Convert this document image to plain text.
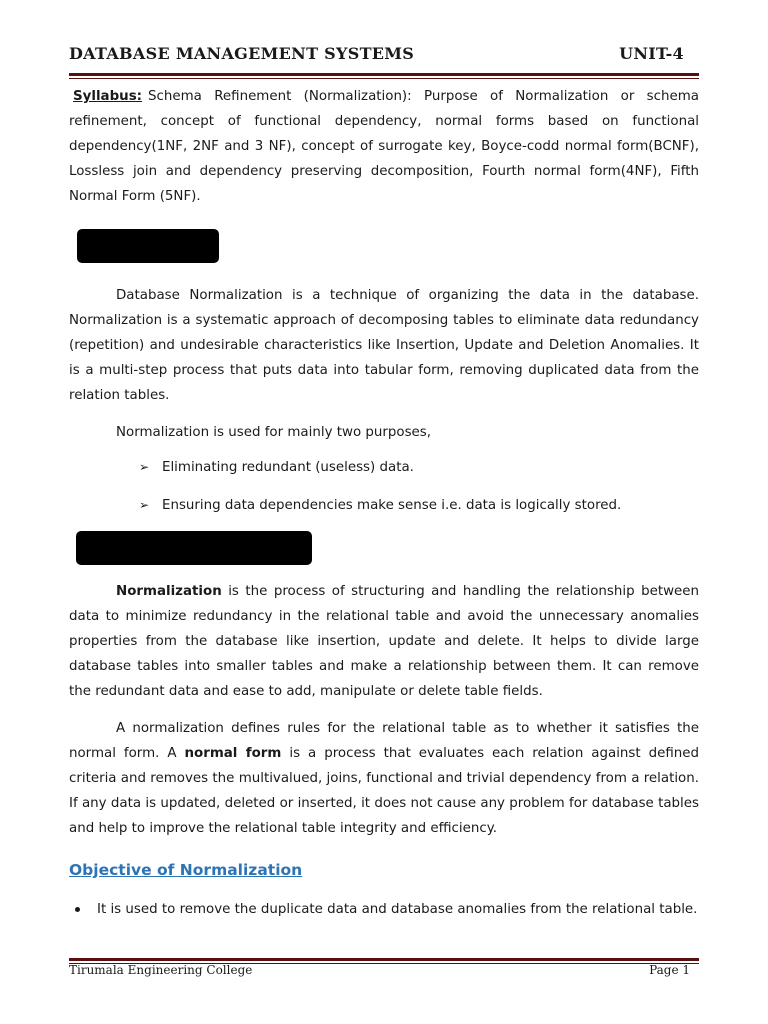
DATABASE MANAGEMENT SYSTEMS	UNIT-4

Syllabus: Schema Refinement (Normalization): Purpose of Normalization or schema refinement, concept of functional dependency, normal forms based on functional dependency(1NF, 2NF and 3 NF), concept of surrogate key, Boyce-codd normal form(BCNF), Lossless join and dependency preserving decomposition, Fourth normal form(4NF), Fifth Normal Form (5NF).

Database Normalization is a technique of organizing the data in the database. Normalization is a systematic approach of decomposing tables to eliminate data redundancy (repetition) and undesirable characteristics like Insertion, Update and Deletion Anomalies. It is a multi-step process that puts data into tabular form, removing duplicated data from the relation tables.

Normalization is used for mainly two purposes,

➢ Eliminating redundant (useless) data.
➢ Ensuring data dependencies make sense i.e. data is logically stored.

Normalization is the process of structuring and handling the relationship between data to minimize redundancy in the relational table and avoid the unnecessary anomalies properties from the database like insertion, update and delete. It helps to divide large database tables into smaller tables and make a relationship between them. It can remove the redundant data and ease to add, manipulate or delete table fields.

A normalization defines rules for the relational table as to whether it satisfies the normal form. A normal form is a process that evaluates each relation against defined criteria and removes the multivalued, joins, functional and trivial dependency from a relation. If any data is updated, deleted or inserted, it does not cause any problem for database tables and help to improve the relational table integrity and efficiency.

Objective of Normalization
It is used to remove the duplicate data and database anomalies from the relational table.
Tirumala Engineering College	Page 1
